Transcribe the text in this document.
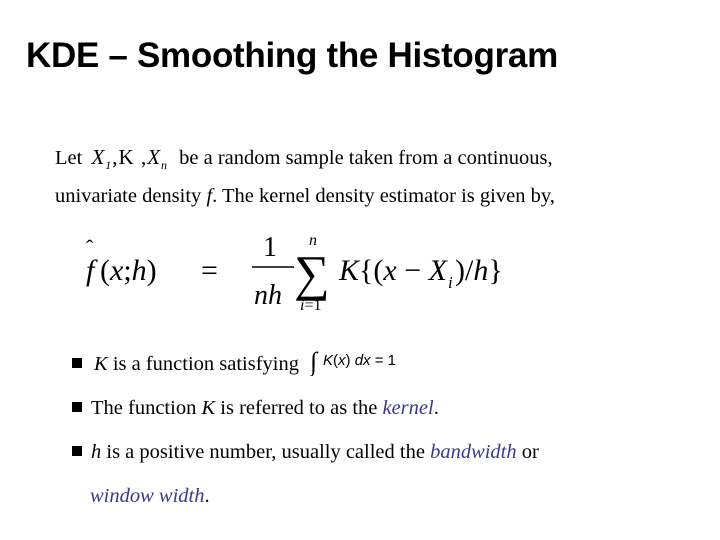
KDE – Smoothing the Histogram
Let $X_1,K$ $,X_n$ be a random sample taken from a continuous,
univariate density f. The kernel density estimator is given by,
f
ˆ
(x;h) =
1
nh
n
∑
i=1
K{(x − X i )/h}
K is a function satisfying ∫ K(x) dx = 1
The function K is referred to as the kernel.
h is a positive number, usually called the bandwidth or
window width.
